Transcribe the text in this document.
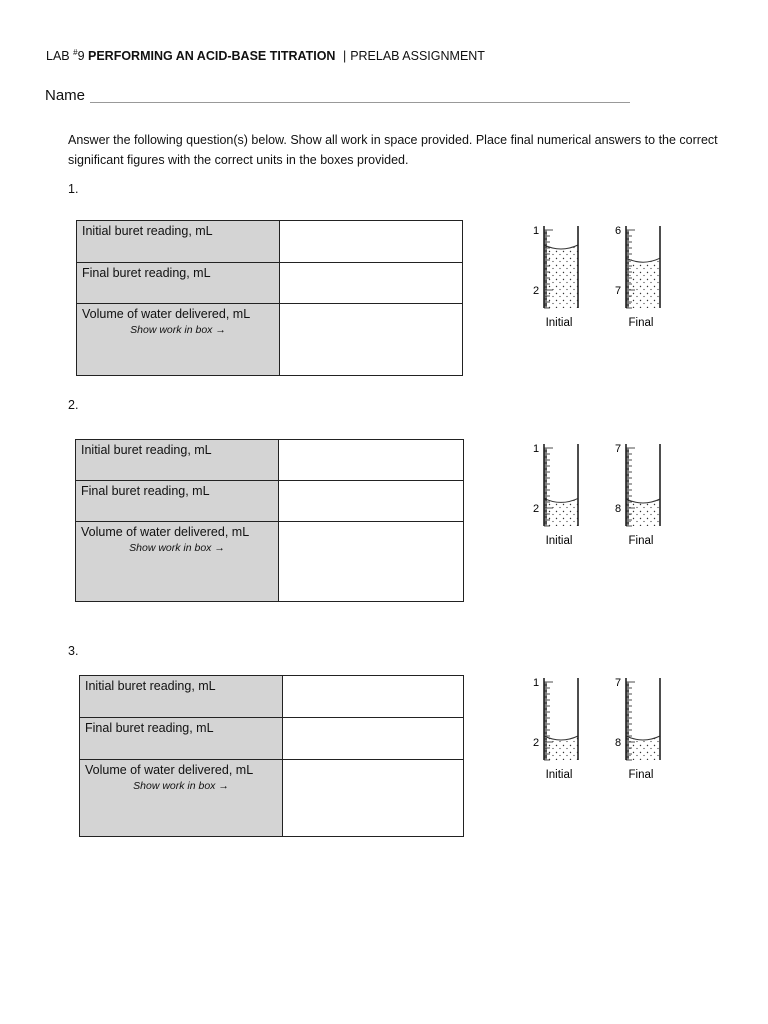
LAB #9 PERFORMING AN ACID-BASE TITRATION | PRELAB ASSIGNMENT
Name
Answer the following question(s) below. Show all work in space provided. Place final numerical answers to the correct significant figures with the correct units in the boxes provided.
1.
Initial buret reading, mL	
Final buret reading, mL	
Volume of water delivered, mL
Show work in box →	

2.
Initial buret reading, mL	
Final buret reading, mL	
Volume of water delivered, mL
Show work in box →	

3.
Initial buret reading, mL	
Final buret reading, mL	
Volume of water delivered, mL
Show work in box →	

1
2
Initial
6
7
Final
1
2
Initial
7
8
Final
1
2
Initial
7
8
Final
